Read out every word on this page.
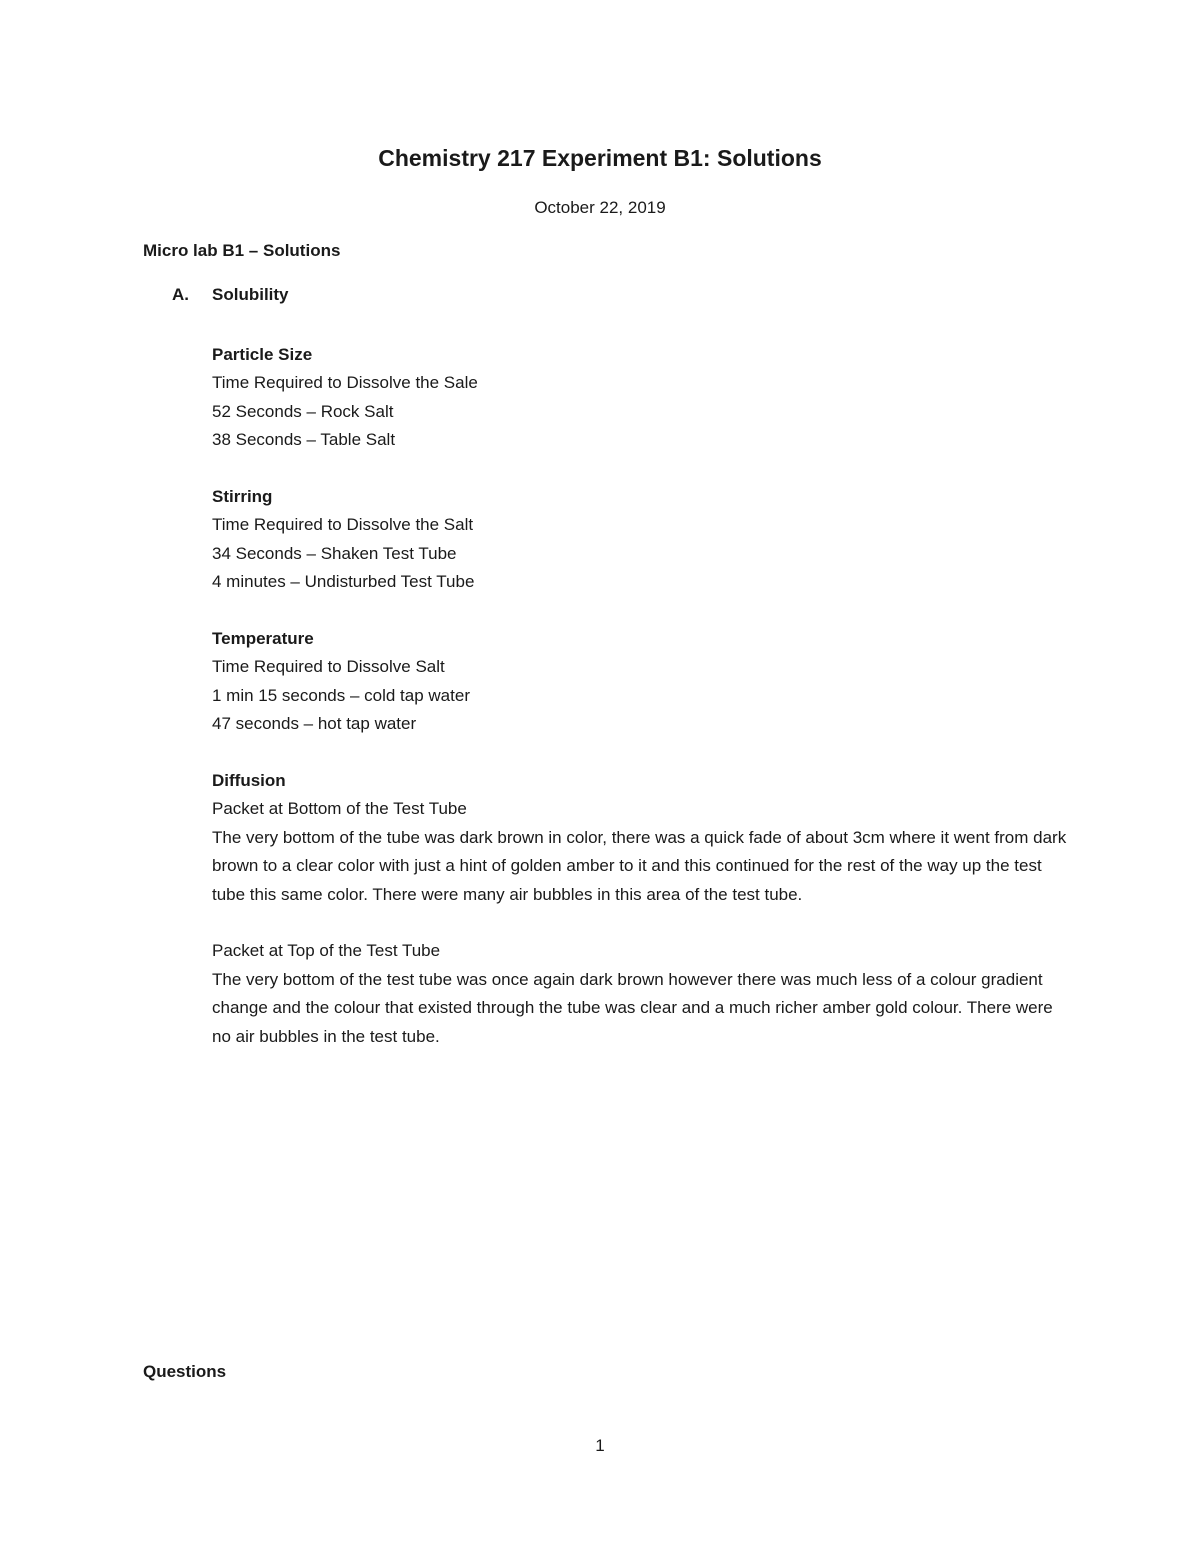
Chemistry 217 Experiment B1: Solutions

October 22, 2019

Micro lab B1 – Solutions
A. Solubility
Particle Size
Time Required to Dissolve the Sale
52 Seconds – Rock Salt
38 Seconds – Table Salt
Stirring
Time Required to Dissolve the Salt
34 Seconds – Shaken Test Tube
4 minutes – Undisturbed Test Tube
Temperature
Time Required to Dissolve Salt
1 min 15 seconds – cold tap water
47 seconds – hot tap water
Diffusion
Packet at Bottom of the Test Tube

The very bottom of the tube was dark brown in color, there was a quick fade of about 3cm where it went from dark brown to a clear color with just a hint of golden amber to it and this continued for the rest of the way up the test tube this same color. There were many air bubbles in this area of the test tube.

Packet at Top of the Test Tube

The very bottom of the test tube was once again dark brown however there was much less of a colour gradient change and the colour that existed through the tube was clear and a much richer amber gold colour. There were no air bubbles in the test tube.

Questions
1
